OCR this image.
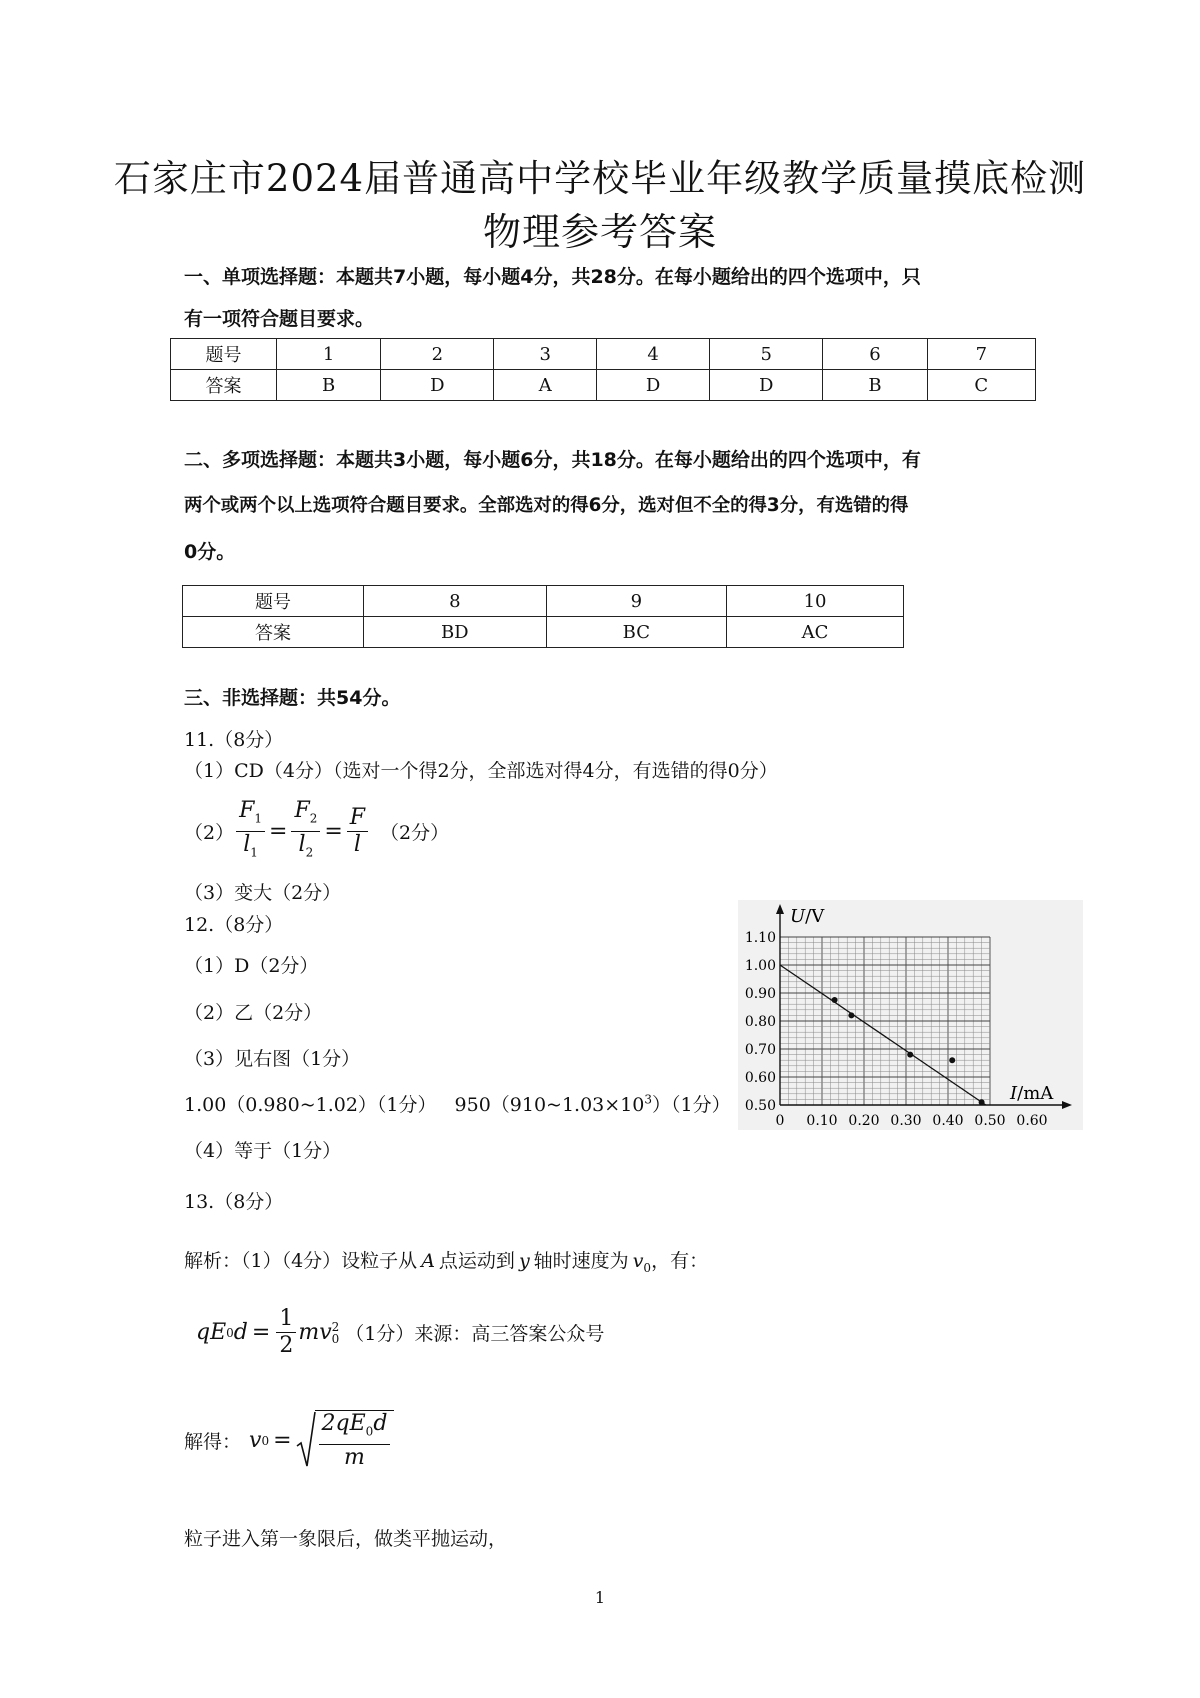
石家庄市2024届普通高中学校毕业年级教学质量摸底检测
物理参考答案
一、单项选择题：本题共7小题，每小题4分，共28分。在每小题给出的四个选项中，只
有一项符合题目要求。
题号	1	2	3	4	5	6	7
答案	B	D	A	D	D	B	C
二、多项选择题：本题共3小题，每小题6分，共18分。在每小题给出的四个选项中，有
两个或两个以上选项符合题目要求。全部选对的得6分，选对但不全的得3分，有选错的得
0分。
题号	8	9	10
答案	BD	BC	AC
三、非选择题：共54分。
11.（8分）
（1）CD（4分）（选对一个得2分，全部选对得4分，有选错的得0分）
$(2) \frac{F_1}{l_1} = \frac{F_2}{l_2} = \frac{F}{l} (2$分）
（3）变大（2分）
12.（8分）
（1）D（2分）
（2）乙（2分）
（3）见右图（1分）
1.00（0.980~1.02）（1分） $950(910\sim 1.03\times 10^3)(1$分）
（4）等于（1分）
U/V
I/mA
0 0.10 0.20 0.30 0.40 0.50 0.60
0.50
0.60
0.70
0.80
0.90
1.00
1.10
13.（8分）
解析：（1）（4分）设粒子从 A 点运动到 y 轴时速度为 $v_0$，有：
qE 0 $d = \frac{1}{2}$ mv 2
0 （1分）来源：高三答案公众号
解得： v $0 = \frac{2qE_0d}{m}$
粒子进入第一象限后，做类平抛运动，
1
